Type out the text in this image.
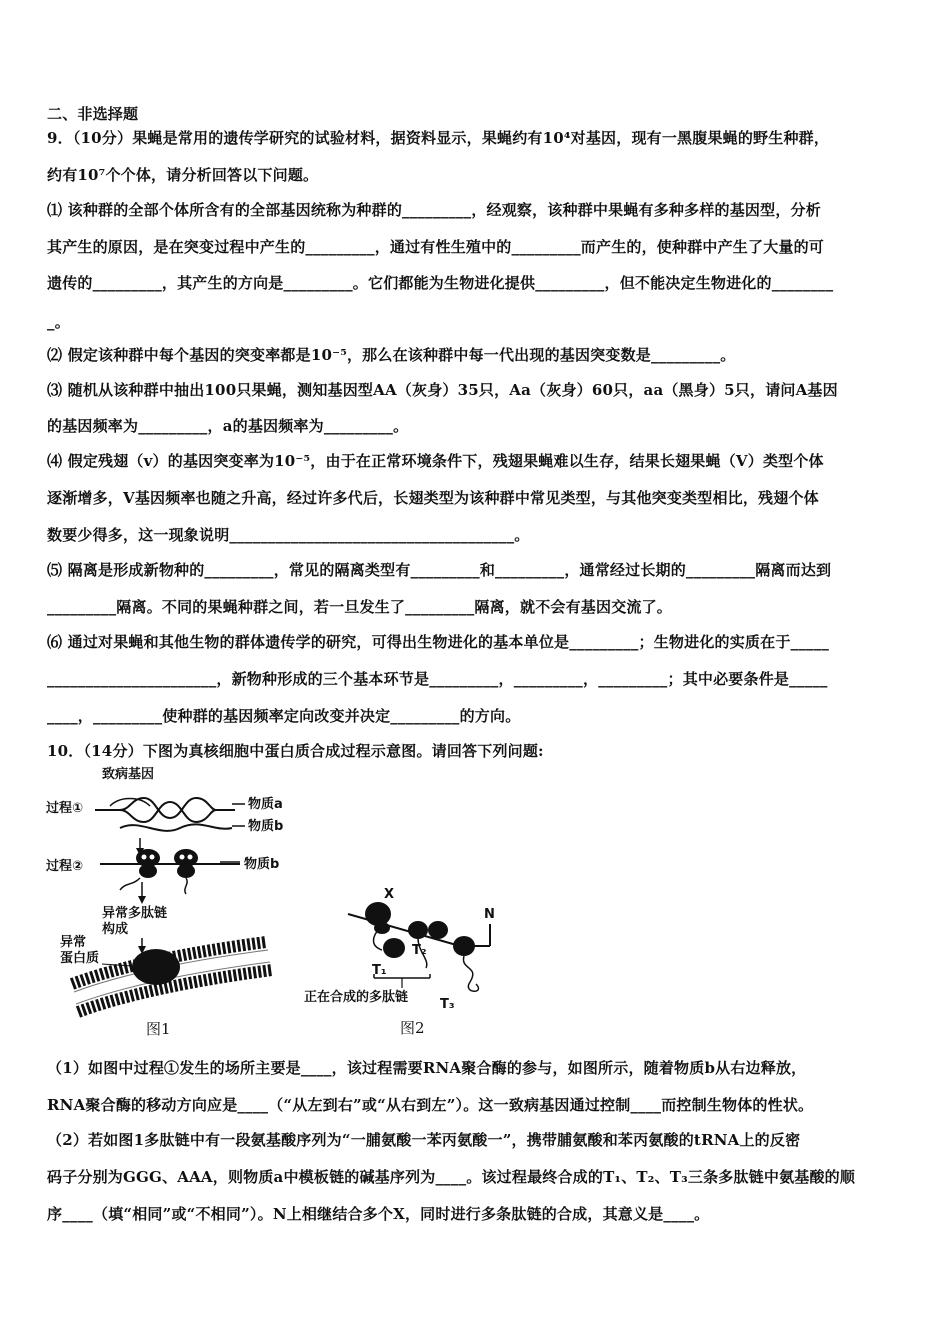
二、非选择题
9．（10分）果蝇是常用的遗传学研究的试验材料，据资料显示，果蝇约有10⁴对基因，现有一黑腹果蝇的野生种群，
约有10⁷个个体，请分析回答以下问题。
⑴ 该种群的全部个体所含有的全部基因统称为种群的_________，经观察，该种群中果蝇有多种多样的基因型，分析
其产生的原因，是在突变过程中产生的_________，通过有性生殖中的_________而产生的，使种群中产生了大量的可
遗传的_________，其产生的方向是_________。它们都能为生物进化提供_________，但不能决定生物进化的________
_。
⑵ 假定该种群中每个基因的突变率都是10⁻⁵，那么在该种群中每一代出现的基因突变数是_________。
⑶ 随机从该种群中抽出100只果蝇，测知基因型AA（灰身）35只，Aa（灰身）60只，aa（黑身）5只，请问A基因
的基因频率为_________，a的基因频率为_________。
⑷ 假定残翅（v）的基因突变率为10⁻⁵，由于在正常环境条件下，残翅果蝇难以生存，结果长翅果蝇（V）类型个体
逐渐增多，V基因频率也随之升高，经过许多代后，长翅类型为该种群中常见类型，与其他突变类型相比，残翅个体
数要少得多，这一现象说明_____________________________________。
⑸ 隔离是形成新物种的_________，常见的隔离类型有_________和_________，通常经过长期的_________隔离而达到
_________隔离。不同的果蝇种群之间，若一旦发生了_________隔离，就不会有基因交流了。
⑹ 通过对果蝇和其他生物的群体遗传学的研究，可得出生物进化的基本单位是_________；生物进化的实质在于_____
______________________，新物种形成的三个基本环节是_________，_________，_________；其中必要条件是_____
____，_________使种群的基因频率定向改变并决定_________的方向。
10．（14分）下图为真核细胞中蛋白质合成过程示意图。请回答下列问题:
致病基因
过程①	物质a
物质b
过程②	物质b
异常多肽链
构成
异常
蛋白质
图1
X
N
T₂
T₁
正在合成的多肽链 T₃
图2
（1）如图中过程①发生的场所主要是____，该过程需要RNA聚合酶的参与，如图所示，随着物质b从右边释放，
RNA聚合酶的移动方向应是____（“从左到右”或“从右到左”）。这一致病基因通过控制____而控制生物体的性状。
（2）若如图1多肽链中有一段氨基酸序列为“一脯氨酸一苯丙氨酸一”，携带脯氨酸和苯丙氨酸的tRNA上的反密
码子分别为GGG、AAA，则物质a中模板链的碱基序列为____。该过程最终合成的T₁、T₂、T₃三条多肽链中氨基酸的顺
序____（填“相同”或“不相同”）。N上相继结合多个X，同时进行多条肽链的合成，其意义是____。
